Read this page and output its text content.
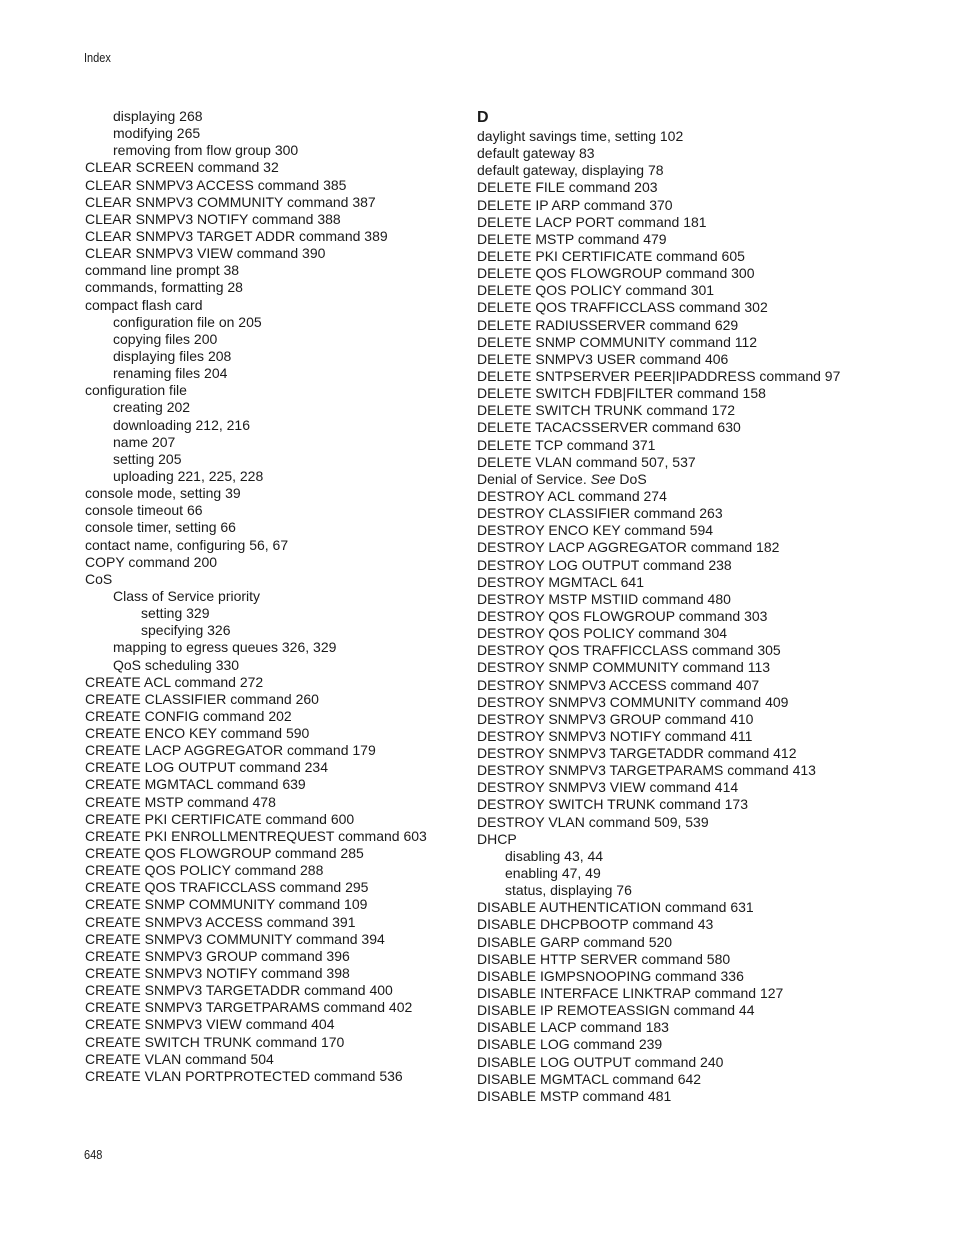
Index
displaying 268
modifying 265
removing from flow group 300
CLEAR SCREEN command 32
CLEAR SNMPV3 ACCESS command 385
CLEAR SNMPV3 COMMUNITY command 387
CLEAR SNMPV3 NOTIFY command 388
CLEAR SNMPV3 TARGET ADDR command 389
CLEAR SNMPV3 VIEW command 390
command line prompt 38
commands, formatting 28
compact flash card
configuration file on 205
copying files 200
displaying files 208
renaming files 204
configuration file
creating 202
downloading 212, 216
name 207
setting 205
uploading 221, 225, 228
console mode, setting 39
console timeout 66
console timer, setting 66
contact name, configuring 56, 67
COPY command 200
CoS
Class of Service priority
setting 329
specifying 326
mapping to egress queues 326, 329
QoS scheduling 330
CREATE ACL command 272
CREATE CLASSIFIER command 260
CREATE CONFIG command 202
CREATE ENCO KEY command 590
CREATE LACP AGGREGATOR command 179
CREATE LOG OUTPUT command 234
CREATE MGMTACL command 639
CREATE MSTP command 478
CREATE PKI CERTIFICATE command 600
CREATE PKI ENROLLMENTREQUEST command 603
CREATE QOS FLOWGROUP command 285
CREATE QOS POLICY command 288
CREATE QOS TRAFICCLASS command 295
CREATE SNMP COMMUNITY command 109
CREATE SNMPV3 ACCESS command 391
CREATE SNMPV3 COMMUNITY command 394
CREATE SNMPV3 GROUP command 396
CREATE SNMPV3 NOTIFY command 398
CREATE SNMPV3 TARGETADDR command 400
CREATE SNMPV3 TARGETPARAMS command 402
CREATE SNMPV3 VIEW command 404
CREATE SWITCH TRUNK command 170
CREATE VLAN command 504
CREATE VLAN PORTPROTECTED command 536
D
daylight savings time, setting 102
default gateway 83
default gateway, displaying 78
DELETE FILE command 203
DELETE IP ARP command 370
DELETE LACP PORT command 181
DELETE MSTP command 479
DELETE PKI CERTIFICATE command 605
DELETE QOS FLOWGROUP command 300
DELETE QOS POLICY command 301
DELETE QOS TRAFFICCLASS command 302
DELETE RADIUSSERVER command 629
DELETE SNMP COMMUNITY command 112
DELETE SNMPV3 USER command 406
DELETE SNTPSERVER PEER|IPADDRESS command 97
DELETE SWITCH FDB|FILTER command 158
DELETE SWITCH TRUNK command 172
DELETE TACACSSERVER command 630
DELETE TCP command 371
DELETE VLAN command 507, 537
Denial of Service. See DoS
DESTROY ACL command 274
DESTROY CLASSIFIER command 263
DESTROY ENCO KEY command 594
DESTROY LACP AGGREGATOR command 182
DESTROY LOG OUTPUT command 238
DESTROY MGMTACL 641
DESTROY MSTP MSTIID command 480
DESTROY QOS FLOWGROUP command 303
DESTROY QOS POLICY command 304
DESTROY QOS TRAFFICCLASS command 305
DESTROY SNMP COMMUNITY command 113
DESTROY SNMPV3 ACCESS command 407
DESTROY SNMPV3 COMMUNITY command 409
DESTROY SNMPV3 GROUP command 410
DESTROY SNMPV3 NOTIFY command 411
DESTROY SNMPV3 TARGETADDR command 412
DESTROY SNMPV3 TARGETPARAMS command 413
DESTROY SNMPV3 VIEW command 414
DESTROY SWITCH TRUNK command 173
DESTROY VLAN command 509, 539
DHCP
disabling 43, 44
enabling 47, 49
status, displaying 76
DISABLE AUTHENTICATION command 631
DISABLE DHCPBOOTP command 43
DISABLE GARP command 520
DISABLE HTTP SERVER command 580
DISABLE IGMPSNOOPING command 336
DISABLE INTERFACE LINKTRAP command 127
DISABLE IP REMOTEASSIGN command 44
DISABLE LACP command 183
DISABLE LOG command 239
DISABLE LOG OUTPUT command 240
DISABLE MGMTACL command 642
DISABLE MSTP command 481
648
